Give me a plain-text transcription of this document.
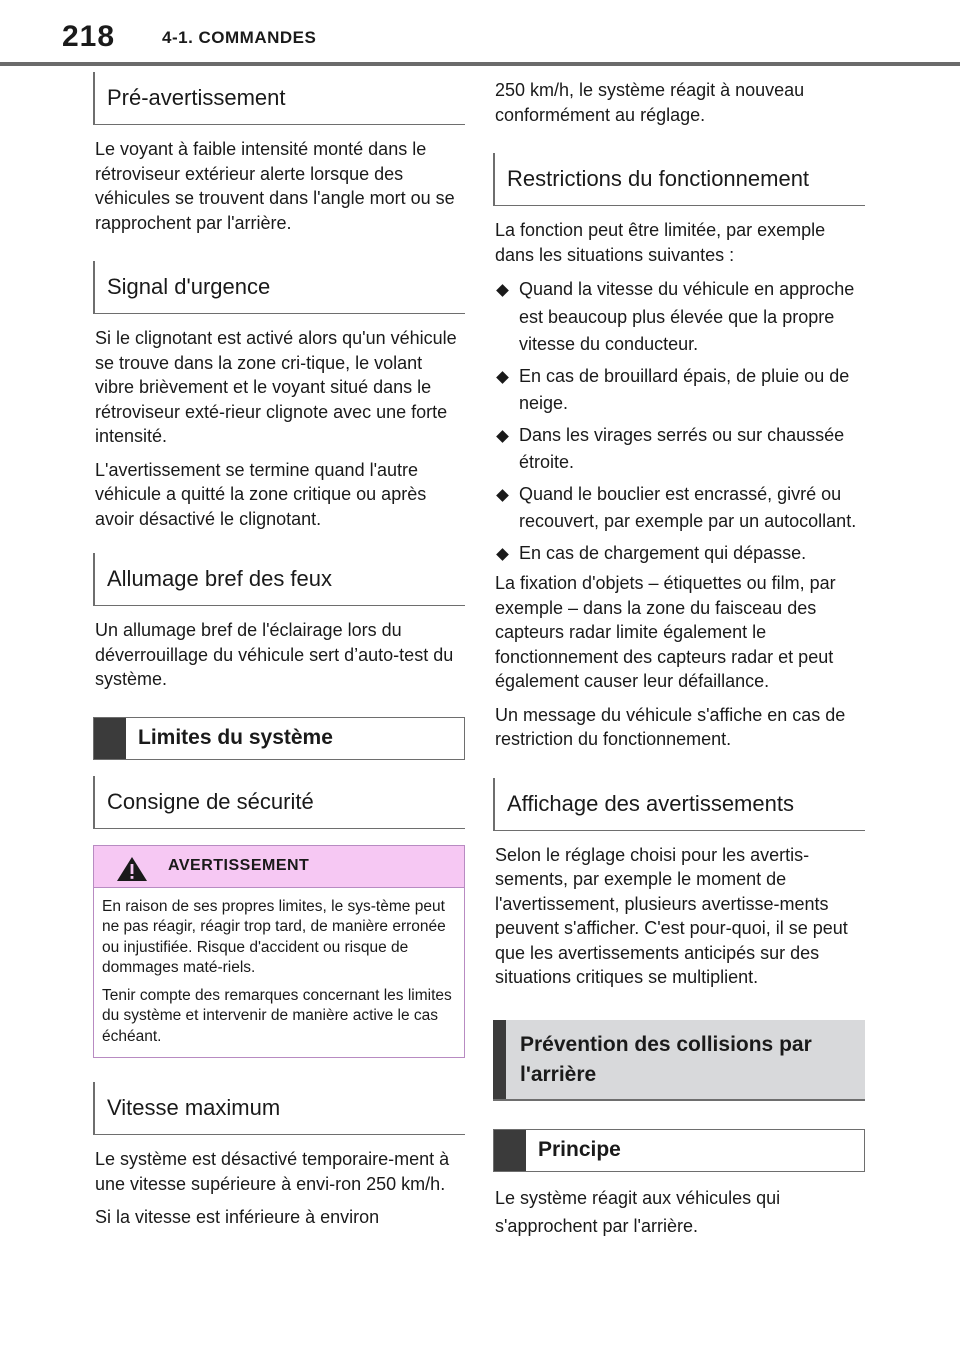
218	4-1. COMMANDES
Pré-avertissement

Le voyant à faible intensité monté dans le rétroviseur extérieur alerte lorsque des véhicules se trouvent dans l'angle mort ou se rapprochent par l'arrière.

Signal d'urgence

Si le clignotant est activé alors qu'un véhicule se trouve dans la zone cri-tique, le volant vibre brièvement et le voyant situé dans le rétroviseur exté-rieur clignote avec une forte intensité.

L'avertissement se termine quand l'autre véhicule a quitté la zone critique ou après avoir désactivé le clignotant.

Allumage bref des feux

Un allumage bref de l'éclairage lors du déverrouillage du véhicule sert d’auto-test du système.

Limites du système
Consigne de sécurité
AVERTISSEMENT

En raison de ses propres limites, le sys-tème peut ne pas réagir, réagir trop tard, de manière erronée ou injustifiée. Risque d'accident ou risque de dommages maté-riels.

Tenir compte des remarques concernant les limites du système et intervenir de manière active le cas échéant.

Vitesse maximum

Le système est désactivé temporaire-ment à une vitesse supérieure à envi-ron 250 km/h.

Si la vitesse est inférieure à environ

250 km/h, le système réagit à nouveau conformément au réglage.

Restrictions du fonctionnement

La fonction peut être limitée, par exemple dans les situations suivantes :

Quand la vitesse du véhicule en approche est beaucoup plus élevée que la propre vitesse du conducteur.
En cas de brouillard épais, de pluie ou de neige.
Dans les virages serrés ou sur chaussée étroite.
Quand le bouclier est encrassé, givré ou recouvert, par exemple par un autocollant.
En cas de chargement qui dépasse.

La fixation d'objets – étiquettes ou film, par exemple – dans la zone du faisceau des capteurs radar limite également le fonctionnement des capteurs radar et peut également causer leur défaillance.

Un message du véhicule s'affiche en cas de restriction du fonctionnement.

Affichage des avertissements

Selon le réglage choisi pour les avertis-sements, par exemple le moment de l'avertissement, plusieurs avertisse-ments peuvent s'afficher. C'est pour-quoi, il se peut que les avertissements anticipés sur des situations critiques se multiplient.

Prévention des collisions par l'arrière
Principe

Le système réagit aux véhicules qui s'approchent par l'arrière.
